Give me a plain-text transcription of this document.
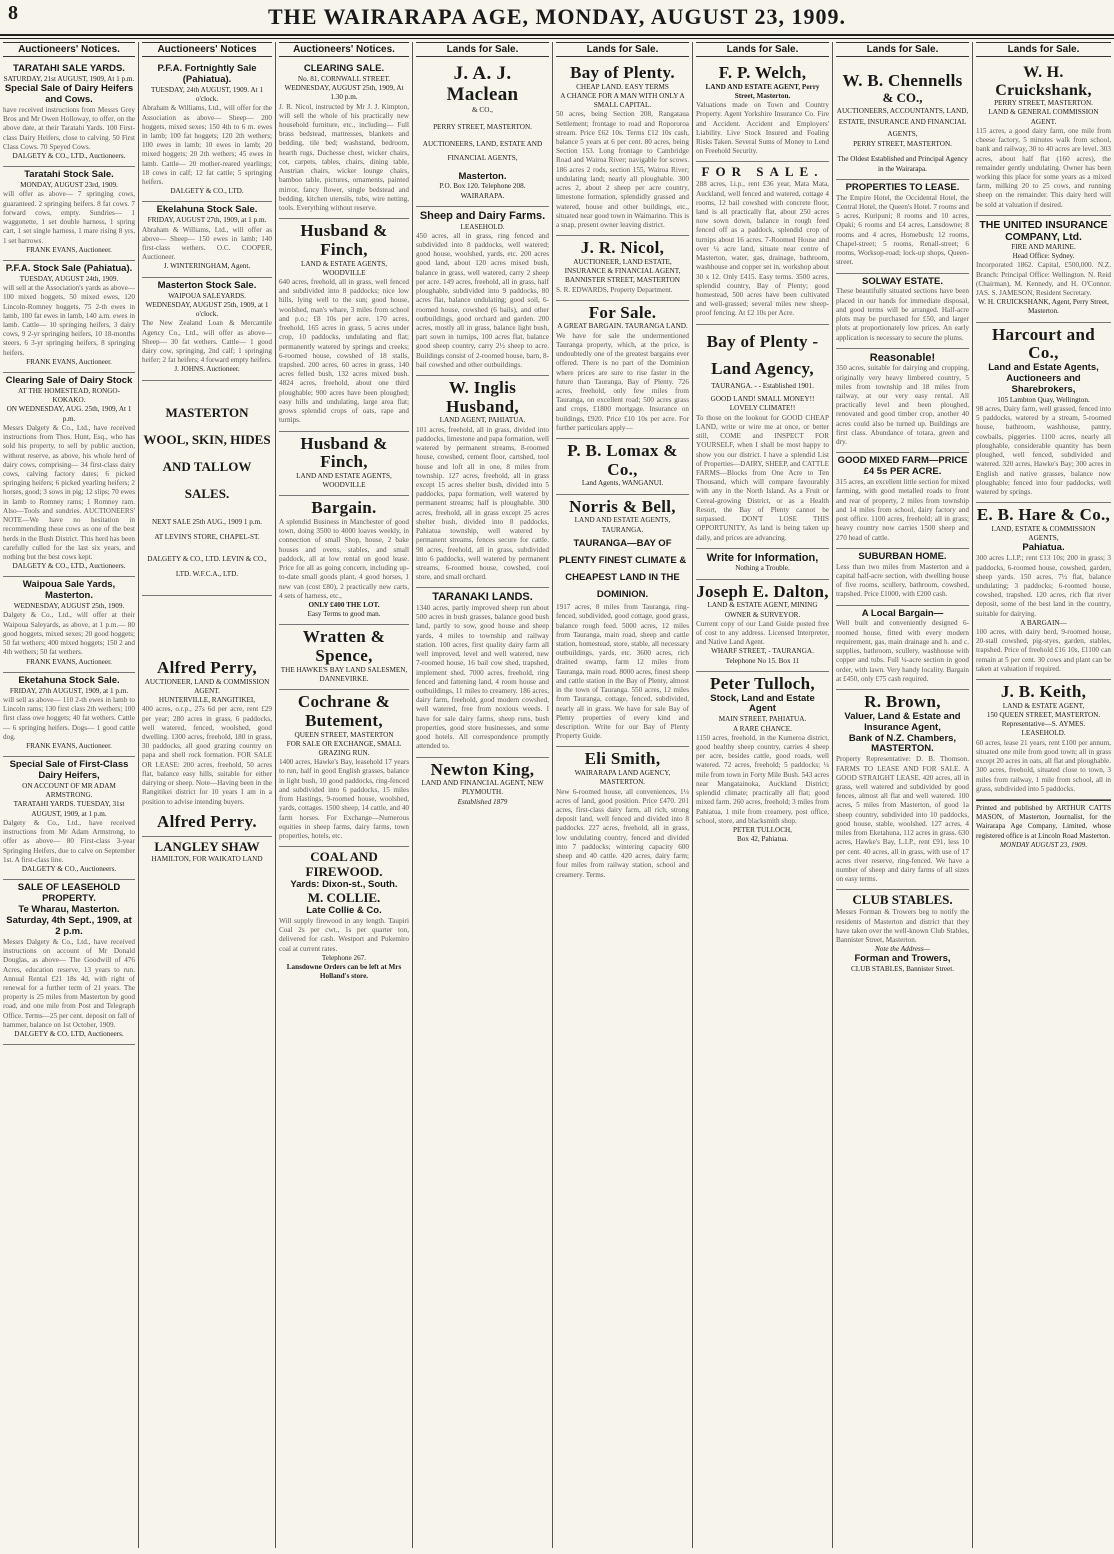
8	THE WAIRARAPA AGE, MONDAY, AUGUST 23, 1909.
Auctioneers' Notices.
TARATAHI SALE YARDS.
SATURDAY, 21st AUGUST, 1909, At 1 p.m.
Special Sale of Dairy Heifers and Cows.
have received instructions from Messrs Grey Bros and Mr Owen Holloway, to offer, on the above date, at their Taratahi Yards. 100 First-class Dairy Heifers, close to calving. 50 First Class Cows. 70 Speyed Cows.
DALGETY & CO., LTD., Auctioneers.
Taratahi Stock Sale.
MONDAY, AUGUST 23rd, 1909.
will offer as above— 7 springing cows, guaranteed. 2 springing heifers. 8 fat cows. 7 forward cows, empty. Sundries— 1 waggonette, 1 set double harness, 1 spring cart, 1 set single harness, 1 mare rising 8 yrs, 1 set harrows.
FRANK EVANS, Auctioneer.
P.F.A. Stock Sale (Pahiatua).
TUESDAY, AUGUST 24th, 1909.
will sell at the Association's yards as above— 100 mixed hoggets, 50 mixed ewes, 120 Lincoln-Romney hoggets, 75 2-th ewes in lamb, 100 fat ewes in lamb, 140 a.m. ewes in lamb. Cattle— 10 springing heifers, 3 dairy cows, 9 2-yr springing heifers, 10 18-months steers, 6 3-yr springing heifers, 8 springing heifers.
FRANK EVANS, Auctioneer.
Clearing Sale of Dairy Stock
AT THE HOMESTEAD, RONGO-KOKAKO.
ON WEDNESDAY, AUG. 25th, 1909, At 1 p.m.
Messrs Dalgety & Co., Ltd., have received instructions from Thos. Hunt, Esq., who has sold his property, to sell by public auction, without reserve, as above, his whole herd of dairy cows, comprising— 34 first-class dairy cows, calving factory dates; 6 picked springing heifers; 6 picked yearling heifers; 2 horses, good; 3 sows in pig; 12 slips; 70 ewes in lamb to Romney rams; 1 Romney ram. Also—Tools and sundries. AUCTIONEERS' NOTE—We have no hesitation in recommending these cows as one of the best herds in the Bush District. This herd has been carefully culled for the last six years, and nothing but the best cows kept.
DALGETY & CO., LTD., Auctioneers.
Waipoua Sale Yards, Masterton.
WEDNESDAY, AUGUST 25th, 1909.
Dalgety & Co., Ltd., will offer at their Waipoua Saleyards, as above, at 1 p.m.— 80 good hoggets, mixed sexes; 20 good hoggets; 50 fat wethers; 400 mixed hoggets; 150 2 and 4th wethers; 50 fat wethers.
FRANK EVANS, Auctioneer.
Eketahuna Stock Sale.
FRIDAY, 27th AUGUST, 1909, at 1 p.m.
will sell as above— 110 2-th ewes in lamb to Lincoln rams; 130 first class 2th wethers; 100 first class owe hoggets; 40 fat wethers. Cattle— 6 springing heifers. Dogs— 1 good cattle dog.
FRANK EVANS, Auctioneer.
Special Sale of First-Class Dairy Heifers,
ON ACCOUNT OF MR ADAM ARMSTRONG.
TARATAHI YARDS. TUESDAY, 31st AUGUST, 1909, at 1 p.m.
Dalgety & Co., Ltd., have received instructions from Mr Adam Armstrong, to offer as above— 80 First-class 3-year Springing Heifers, due to calve on September 1st. A first-class line.
DALGETY & CO., Auctioneers.
SALE OF LEASEHOLD PROPERTY.
Te Wharau, Masterton.
Saturday, 4th Sept., 1909, at 2 p.m.
Messrs Dalgety & Co., Ltd., have received instructions on account of Mr Donald Douglas, as above— The Goodwill of 476 Acres, education reserve, 13 years to run. Annual Rental £21 18s 4d, with right of renewal for a further term of 21 years. The property is 25 miles from Masterton by good road, and one mile from Post and Telegraph Office. Terms—25 per cent. deposit on fall of hammer, balance on 1st October, 1909.
DALGETY & CO. LTD, Auctioneers.
Auctioneers' Notices
P.F.A. Fortnightly Sale (Pahiatua).
TUESDAY, 24th AUGUST, 1909. At 1 o'clock.
Abraham & Williams, Ltd., will offer for the Association as above— Sheep— 200 hoggets, mixed sexes; 150 4th to 6 m. ewes in lamb; 100 fat hoggets; 120 2th wethers; 100 ewes in lamb; 10 ewes in lamb; 20 mixed hoggets; 20 2th wethers; 45 ewes in lamb. Cattle— 20 mother-reared yearlings; 18 cows in calf; 12 fat cattle; 5 springing heifers.
DALGETY & CO., LTD.
Ekelahuna Stock Sale.
FRIDAY, AUGUST 27th, 1909, at 1 p.m.
Abraham & Williams, Ltd., will offer as above— Sheep— 150 ewes in lamb; 140 first-class wethers. O.C. COOPER, Auctioneer.
J. WINTERINGHAM, Agent.
Masterton Stock Sale.
WAIPOUA SALEYARDS.
WEDNESDAY, AUGUST 25th, 1909, at 1 o'clock.
The New Zealand Loan & Mercantile Agency Co., Ltd., will offer as above— Sheep— 30 fat wethers. Cattle— 1 good dairy cow, springing, 2nd calf; 1 springing heifer; 2 fat heifers; 4 forward empty heifers.
J. JOHNS. Auctioneer.
MASTERTON WOOL, SKIN, HIDES AND TALLOW SALES.
NEXT SALE 25th AUG., 1909 1 p.m.
AT LEVIN'S STORE, CHAPEL-ST.
DALGETY & CO., LTD. LEVIN & CO., LTD. W.F.C.A., LTD.
Alfred Perry,
AUCTIONEER, LAND & COMMISSION AGENT.
HUNTERVILLE, RANGITIKEI,
400 acres, o.r.p., 27s 6d per acre, rent £29 per year; 280 acres in grass, 6 paddocks, well watered, fenced, woolshed, good dwelling. 1300 acres, freehold, 180 in grass, 30 paddocks, all good grazing country on papa and shell rock formation. FOR SALE OR LEASE: 200 acres, freehold, 50 acres flat, balance easy hills, suitable for either dairying or sheep. Note—Having been in the Rangitikei district for 10 years I am in a position to advise intending buyers.
Alfred Perry.
LANGLEY SHAW
HAMILTON, FOR WAIKATO LAND
Auctioneers' Notices.
CLEARING SALE.
No. 81, CORNWALL STREET.
WEDNESDAY, AUGUST 25th, 1909, At 1.30 p.m.
J. R. Nicol, instructed by Mr J. J. Kimpton, will sell the whole of his practically new household furniture, etc., including— Full brass bedstead, mattresses, blankets and bedding, tile bed; washstand, bedroom, hearth rugs, Duchesse chest, wicker chairs, cot, carpets, tables, chairs, dining table, Austrian chairs, wicker lounge chairs, bamboo table, pictures, ornaments, painted mirror, fancy flower, single bedstead and bedding, kitchen utensils, tubs, wire netting, tools. Everything without reserve.
Husband & Finch,
LAND & ESTATE AGENTS, WOODVILLE
640 acres, freehold, all in grass, well fenced and subdivided into 8 paddocks; nice low hills, lying well to the sun; good house, woolshed, man's whare, 3 miles from school and p.o.; £8 10s per acre. 170 acres, freehold, 165 acres in grass, 5 acres under crop, 10 paddocks, undulating and flat; permanently watered by springs and creeks; 6-roomed house, cowshed of 18 stalls, trapshed. 200 acres, 60 acres in grass, 140 acres felled bush, 132 acres mixed bush. 4824 acres, freehold, about one third ploughable; 900 acres have been ploughed; easy hills and undulating, large area flat; grows splendid crops of oats, rape and turnips.
Husband & Finch,
LAND AND ESTATE AGENTS, WOODVILLE
Bargain.
A splendid Business in Manchester of good town, doing 3500 to 4000 loaves weekly, in connection of small Shop, house, 2 bake houses and ovens, stables, and small paddock, all at low rental on good lease. Price for all as going concern, including up-to-date small goods plant, 4 good horses, 1 new van (cost £80), 2 practically new carts, 4 sets of harness, etc.,
ONLY £400 THE LOT.
Easy Terms to good man.
Wratten & Spence,
THE HAWKE'S BAY LAND SALESMEN, DANNEVIRKE.
Cochrane & Butement,
QUEEN STREET, MASTERTON
FOR SALE OR EXCHANGE, SMALL GRAZING RUN.
1400 acres, Hawke's Bay, leasehold 17 years to run, half in good English grasses, balance in light bush, 10 good paddocks, ring-fenced and subdivided into 6 paddocks, 15 miles from Hastings, 9-roomed house, woolshed, yards, cottages. 1500 sheep, 14 cattle, and 40 farm horses. For Exchange—Numerous equities in sheep farms, dairy farms, town properties, hotels, etc.
COAL AND FIREWOOD.
Yards: Dixon-st., South.
M. COLLIE.
Late Collie & Co.
Will supply firewood in any length. Taupiri Coal 2s per cwt., 1s per quarter ton, delivered for cash. Westport and Pukemiro coal at current rates.
Telephone 267.
Lansdowne Orders can be left at Mrs Holland's store.
Lands for Sale.
J. A. J. Maclean
& CO.,
PERRY STREET, MASTERTON.
AUCTIONEERS, LAND, ESTATE AND FINANCIAL AGENTS,
Masterton.
P.O. Box 120. Telephone 208.
WAIRARAPA.
Sheep and Dairy Farms.
LEASEHOLD.
450 acres, all in grass, ring fenced and subdivided into 8 paddocks, well watered; good house, woolshed, yards, etc. 200 acres good land, about 120 acres mixed bush, balance in grass, well watered, carry 2 sheep per acre. 149 acres, freehold, all in grass, half ploughable, subdivided into 9 paddocks, 80 acres flat, balance undulating; good soil, 6-roomed house, cowshed (6 bails), and other outbuildings, good orchard and garden. 200 acres, mostly all in grass, balance light bush, part sown in turnips, 100 acres flat, balance good sheep country, carry 2½ sheep to acre. Buildings consist of 2-roomed house, barn, 8-bail cowshed and other outbuildings.
W. Inglis Husband,
LAND AGENT, PAHIATUA.
101 acres, freehold, all in grass, divided into paddocks, limestone and papa formation, well watered by permanent streams, 8-roomed house, cowshed, cement floor, cartshed, tool house and loft all in one, 8 miles from township. 127 acres, freehold, all in grass except 15 acres shelter bush, divided into 5 paddocks, papa formation, well watered by permanent streams; half is ploughable. 300 acres, freehold, all in grass except 25 acres shelter bush, divided into 8 paddocks, Pahiatua township, well watered by permanent streams, fences secure for cattle. 98 acres, freehold, all in grass, subdivided into 6 paddocks, well watered by permanent streams, 6-roomed house, cowshed, cool store, and small orchard.
TARANAKI LANDS.
1340 acres, partly improved sheep run about 500 acres in bush grasses, balance good bush land, partly to sow, good house and sheep yards, 4 miles to township and railway station. 100 acres, first quality dairy farm all well improved, level and well watered, new 7-roomed house, 16 bail cow shed, trapshed, implement shed. 7000 acres, freehold, ring fenced and fattening land, 4 room house and outbuildings, 11 miles to creamery. 186 acres, dairy farm, freehold, good modern cowshed, well watered, free from noxious weeds. I have for sale dairy farms, sheep runs, bush properties, good store businesses, and some good hotels. All correspondence promptly attended to.
Newton King,
LAND AND FINANCIAL AGENT, NEW PLYMOUTH.
Established 1879
Lands for Sale.
Bay of Plenty.
CHEAP LAND. EASY TERMS
A CHANCE FOR A MAN WITH ONLY A SMALL CAPITAL.
50 acres, being Section 208, Rangataua Settlement; frontage to road and Ropororoa stream. Price £62 10s. Terms £12 10s cash, balance 5 years at 6 per cent. 80 acres, being Section 153. Long frontage to Cambridge Road and Wairoa River; navigable for scows. 186 acres 2 rods, section 155, Wairoa River; undulating land; nearly all ploughable. 300 acres 2, about 2 sheep per acre country, limestone formation, splendidly grassed and watered, house and other buildings, etc., situated near good town in Waimarino. This is a snap, present owner leaving district.
J. R. Nicol,
AUCTIONEER, LAND ESTATE, INSURANCE & FINANCIAL AGENT,
BANNISTER STREET, MASTERTON
S. R. EDWARDS, Property Department.
For Sale.
A GREAT BARGAIN. TAURANGA LAND.
We have for sale the undermentioned Tauranga property, which, at the price, is undoubtedly one of the greatest bargains ever offered. There is no part of the Dominion where prices are sure to rise faster in the future than Tauranga, Bay of Plenty. 726 acres, freehold, only few miles from Tauranga, on excellent road; 500 acres grass and crops, £1800 mortgage. Insurance on buildings, £920. Price £10 10s per acre. For further particulars apply—
P. B. Lomax & Co.,
Land Agents, WANGANUI.
Norris & Bell,
LAND AND ESTATE AGENTS, TAURANGA.
TAURANGA—BAY OF PLENTY FINEST CLIMATE & CHEAPEST LAND IN THE DOMINION.
1917 acres, 8 miles from Tauranga, ring-fenced, subdivided, good cottage, good grass, balance rough feed. 5000 acres, 12 miles from Tauranga, main road, sheep and cattle station, homestead, store, stable, all necessary outbuildings, yards, etc. 3600 acres, rich drained swamp, farm 12 miles from Tauranga, main road. 8000 acres, finest sheep and cattle station in the Bay of Plenty, almost in the town of Tauranga. 550 acres, 12 miles from Tauranga, cottage, fenced, subdivided, nearly all in grass. We have for sale Bay of Plenty properties of every kind and description. Write for our Bay of Plenty Property Guide.
Eli Smith,
WAIRARAPA LAND AGENCY, MASTERTON.
New 6-roomed house, all conveniences, 1¼ acres of land, good position. Price £470. 201 acres, first-class dairy farm, all rich, strong deposit land, well fenced and divided into 8 paddocks. 227 acres, freehold, all in grass, low undulating country, fenced and divided into 7 paddocks; wintering capacity 600 sheep and 40 cattle. 420 acres, dairy farm; four miles from railway station, school and creamery. Terms.
Lands for Sale.
F. P. Welch,
LAND AND ESTATE AGENT, Perry Street, Masterton.
Valuations made on Town and Country Property. Agent Yorkshire Insurance Co. Fire and Accident. Accident and Employers' Liability. Live Stock Insured and Foaling Risks Taken. Several Sums of Money to Lend on Freehold Security.
FOR SALE.
288 acres, l.i.p., rent £36 year, Mata Mata, Auckland, well fenced and watered, cottage 4 rooms, 12 bail cowshed with concrete floor, land is all practically flat, about 250 acres now sown down, balance in rough feed fenced off as a paddock, splendid crop of turnips about 16 acres. 7-Roomed House and over ¼ acre land, situate near centre of Masterton, water, gas, drainage, bathroom, washhouse and copper set in, workshop about 30 x 12. Only £415. Easy terms. 3500 acres, splendid country, Bay of Plenty; good homestead, 500 acres have been cultivated and well-grassed; several miles new sheep-proof fencing. At £2 10s per Acre.
Bay of Plenty - Land Agency,
TAURANGA. - - Established 1901.
GOOD LAND! SMALL MONEY!! LOVELY CLIMATE!!
To those on the lookout for GOOD CHEAP LAND, write or wire me at once, or better still, COME and INSPECT FOR YOURSELF, when I shall be most happy to show you our district. I have a splendid List of Properties—DAIRY, SHEEP, and CATTLE FARMS—Blocks from One Acre to Ten Thousand, which will compare favourably with any in the North Island. As a Fruit or Cereal-growing District, or as a Health Resort, the Bay of Plenty cannot be surpassed. DON'T LOSE THIS OPPORTUNITY, As land is being taken up daily, and prices are advancing.
Write for Information,
Nothing a Trouble.
Joseph E. Dalton,
LAND & ESTATE AGENT, MINING OWNER & SURVEYOR.
Current copy of our Land Guide posted free of cost to any address. Licensed Interpreter, and Native Land Agent.
WHARF STREET, - TAURANGA. Telephone No 15. Box 11
Peter Tulloch,
Stock, Land and Estate Agent
MAIN STREET, PAHIATUA.
A RARE CHANCE.
1150 acres, freehold, in the Kumeroa district, good healthy sheep country, carries 4 sheep per acre, besides cattle, good roads, well watered. 72 acres, freehold; 5 paddocks; ¼ mile from town in Forty Mile Bush. 543 acres near Mangatainoka, Auckland District; splendid climate; practically all flat; good mixed farm. 260 acres, freehold; 3 miles from Pahiatua, 1 mile from creamery, post office, school, store, and blacksmith shop.
PETER TULLOCH,
Box 42, Pahiatua.
Lands for Sale.
W. B. Chennells
& CO.,
AUCTIONEERS, ACCOUNTANTS, LAND, ESTATE, INSURANCE AND FINANCIAL AGENTS,
PERRY STREET, MASTERTON.
The Oldest Established and Principal Agency in the Wairarapa.
PROPERTIES TO LEASE.
The Empire Hotel, the Occidental Hotel, the Central Hotel, the Queen's Hotel. 7 rooms and 5 acres, Kuripuni; 8 rooms and 10 acres, Opaki; 6 rooms and £4 acres, Lansdowne; 8 rooms and 4 acres, Homebush; 12 rooms, Chapel-street; 5 rooms, Renall-street; 6 rooms, Worksop-road; lock-up shops, Queen-street.
SOLWAY ESTATE.
These beautifully situated sections have been placed in our hands for immediate disposal, and good terms will be arranged. Half-acre plots may be purchased for £50, and larger plots at proportionately low prices. An early application is necessary to secure the plums.
Reasonable!
350 acres, suitable for dairying and cropping, originally very heavy limbered country, 5 miles from township and 18 miles from railway, at our very easy rental. All practically level and been ploughed, renovated and good timber crop, another 40 acres could also be turned up. Buildings are first class. Abundance of totara, green and dry.
GOOD MIXED FARM—PRICE £4 5s PER ACRE.
315 acres, an excellent little section for mixed farming, with good metalled roads to front and rear of property, 2 miles from township and 14 miles from school, dairy factory and post office. 1100 acres, freehold; all in grass; heavy country now carries 1500 sheep and 270 head of cattle.
SUBURBAN HOME.
Less than two miles from Masterton and a capital half-acre section, with dwelling house of five rooms, scullery, bathroom, cowshed, trapshed. Price £1000, with £200 cash.
A Local Bargain—
Well built and conveniently designed 6-roomed house, fitted with every modern requirement, gas, main drainage and h. and c. supplies, bathroom, scullery, washhouse with copper and tubs. Full ¼-acre section in good order, with lawn. Very handy locality. Bargain at £450, only £75 cash required.
R. Brown,
Valuer, Land & Estate and Insurance Agent,
Bank of N.Z. Chambers, MASTERTON.
Property Representative: D. B. Thomson. FARMS TO LEASE AND FOR SALE. A GOOD STRAIGHT LEASE. 420 acres, all in grass, well watered and subdivided by good fences, almost all flat and well watered. 100 acres, 5 miles from Masterton, of good 1a sheep country, subdivided into 10 paddocks, good house, stable, woolshed. 127 acres, 4 miles from Eketahuna, 112 acres in grass. 630 acres, Hawke's Bay, L.I.P., rent £91, less 10 per cent. 40 acres, all in grass, with use of 17 acres river reserve, ring-fenced. We have a number of sheep and dairy farms of all sizes on easy terms.
CLUB STABLES.
Messrs Forman & Trowers beg to notify the residents of Masterton and district that they have taken over the well-known Club Stables, Bannister Street, Masterton.
Note the Address—
Forman and Trowers,
CLUB STABLES, Bannister Street.
Lands for Sale.
W. H. Cruickshank,
PERRY STREET, MASTERTON.
LAND & GENERAL COMMISSION AGENT.
115 acres, a good dairy farm, one mile from cheese factory, 5 minutes walk from school, bank and railway, 30 to 40 acres are level. 303 acres, about half flat (160 acres), the remainder gently undulating. Owner has been working this place for some years as a mixed farm, milking 20 to 25 cows, and running sheep on the remainder. This dairy herd will be sold at valuation if desired.
THE UNITED INSURANCE COMPANY, Ltd.
FIRE AND MARINE.
Head Office: Sydney.
Incorporated 1862. Capital, £500,000. N.Z. Branch: Principal Office: Wellington. N. Reid (Chairman), M. Kennedy, and H. O'Connor. JAS. S. JAMESON, Resident Secretary.
W. H. CRUICKSHANK, Agent, Perry Street, Masterton.
Harcourt and Co.,
Land and Estate Agents, Auctioneers and Sharebrokers,
105 Lambton Quay, Wellington.
98 acres, Dairy farm, well grassed, fenced into 5 paddocks, watered by a stream, 5-roomed house, bathroom, washhouse, pantry, cowbails, piggeries. 1100 acres, nearly all ploughable, considerable quantity has been ploughed, well fenced, subdivided and watered. 320 acres, Hawke's Bay; 300 acres in English and native grasses, balance now ploughable; fenced into four paddocks, well watered by springs.
E. B. Hare & Co.,
LAND, ESTATE & COMMISSION AGENTS,
Pahiatua.
300 acres L.I.P.; rent £13 10s; 200 in grass; 3 paddocks, 6-roomed house, cowshed, garden, sheep yards. 150 acres, 7½ flat, balance undulating; 3 paddocks; 6-roomed house, cowshed, trapshed. 120 acres, rich flat river deposit, some of the best land in the country, suitable for dairying.
A BARGAIN—
100 acres, with dairy herd, 9-roomed house, 20-stall cowshed, pig-styes, garden, stables, trapshed. Price of freehold £16 10s, £1100 can remain at 5 per cent. 30 cows and plant can be taken at valuation if required.
J. B. Keith,
LAND & ESTATE AGENT,
150 QUEEN STREET, MASTERTON.
Representative—S. AYMES.
LEASEHOLD.
60 acres, lease 21 years, rent £100 per annum, situated one mile from good town; all in grass except 20 acres in oats, all flat and ploughable. 300 acres, freehold, situated close to town, 3 miles from railway, 1 mile from school, all in grass, subdivided into 5 paddocks.
Printed and published by ARTHUR CATTS MASON, of Masterton, Journalist, for the Wairarapa Age Company, Limited, whose registered office is at Lincoln Road Masterton.
MONDAY AUGUST 23, 1909.
